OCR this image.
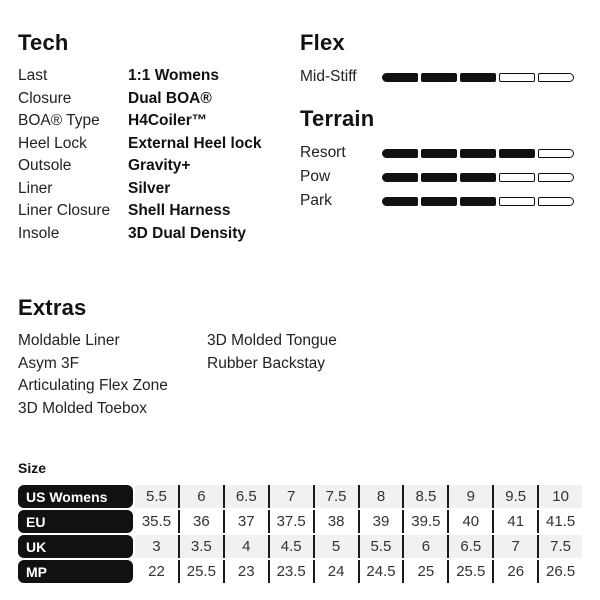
Tech
Last	1:1 Womens
Closure	Dual BOA®
BOA® Type	H4Coiler™
Heel Lock	External Heel lock
Outsole	Gravity+
Liner	Silver
Liner Closure	Shell Harness
Insole	3D Dual Density
Flex
Mid-Stiff
Terrain
Resort
Pow
Park
Extras
Moldable Liner
Asym 3F
Articulating Flex Zone
3D Molded Toebox
3D Molded Tongue
Rubber Backstay
Size
US Womens	5.5	6	6.5	7	7.5	8	8.5	9	9.5	10
EU	35.5	36	37	37.5	38	39	39.5	40	41	41.5
UK	3	3.5	4	4.5	5	5.5	6	6.5	7	7.5
MP	22	25.5	23	23.5	24	24.5	25	25.5	26	26.5
